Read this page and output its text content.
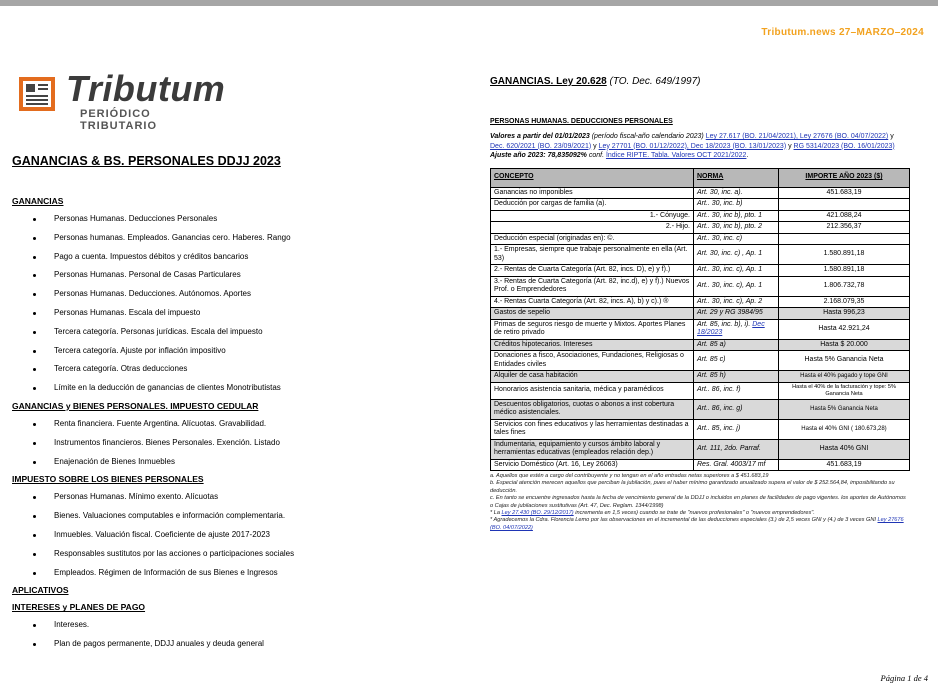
Tributum.news 27–MARZO–2024
Tributum
PERIÓDICO TRIBUTARIO
GANANCIAS & BS. PERSONALES DDJJ 2023
GANANCIAS
Personas Humanas. Deducciones Personales
Personas humanas. Empleados. Ganancias cero. Haberes. Rango
Pago a cuenta. Impuestos débitos y créditos bancarios
Personas Humanas. Personal de Casas Particulares
Personas Humanas. Deducciones. Autónomos. Aportes
Personas Humanas. Escala del impuesto
Tercera categoría. Personas jurídicas. Escala del impuesto
Tercera categoría. Ajuste por inflación impositivo
Tercera categoría. Otras deducciones
Límite en la deducción de ganancias de clientes Monotributistas
GANANCIAS y BIENES PERSONALES. IMPUESTO CEDULAR
Renta financiera. Fuente Argentina. Alícuotas. Gravabilidad.
Instrumentos financieros. Bienes Personales. Exención. Listado
Enajenación de Bienes Inmuebles
IMPUESTO SOBRE LOS BIENES PERSONALES
Personas Humanas. Mínimo exento. Alícuotas
Bienes. Valuaciones computables e información complementaria.
Inmuebles. Valuación fiscal. Coeficiente de ajuste 2017-2023
Responsables sustitutos por las acciones o participaciones sociales
Empleados. Régimen de Información de sus Bienes e Ingresos
APLICATIVOS
INTERESES y PLANES DE PAGO
Intereses.
Plan de pagos permanente, DDJJ anuales y deuda general
GANANCIAS. Ley 20.628 (TO. Dec. 649/1997)
PERSONAS HUMANAS. DEDUCCIONES PERSONALES
Valores a partir del 01/01/2023 (período fiscal-año calendario 2023) Ley 27.617 (BO. 21/04/2021), Ley 27676 (BO. 04/07/2022) y Dec. 620/2021 (BO. 23/09/2021) y Ley 27701 (BO. 01/12/2022), Dec 18/2023 (BO. 13/01/2023) y RG 5314/2023 (BO. 16/01/2023) Ajuste año 2023: 78,835092% conf. Índice RIPTE. Tabla. Valores OCT 2021/2022.
CONCEPTO	NORMA	IMPORTE AÑO 2023 ($)
Ganancias no imponibles	Art. 30, inc. a).	451.683,19
Deducción por cargas de familia (a).	Art.. 30, inc. b)	
1.- Cónyuge.	Art.. 30, inc b), pto. 1	421.088,24
2.- Hijo.	Art.. 30, inc b), pto. 2	212.356,37
Deducción especial (originadas en): ©.	Art.. 30, inc. c)	
1.- Empresas, siempre que trabaje personalmente en ella (Art. 53)	Art. 30, inc. c) , Ap. 1	1.580.891,18
2.- Rentas de Cuarta Categoría (Art. 82, incs. D), e) y f).)	Art.. 30, inc. c), Ap. 1	1.580.891,18
3.- Rentas de Cuarta Categoría (Art. 82, inc.d), e) y f).) Nuevos Prof. o Emprendedores	Art.. 30, inc. c), Ap. 1	1.806.732,78
4.- Rentas Cuarta Categoría (Art. 82, incs. A), b) y c).) ®	Art.. 30, inc. c), Ap. 2	2.168.079,35
Gastos de sepelio	Art. 29 y RG 3984/95	Hasta 996,23
Primas de seguros riesgo de muerte y Mixtos. Aportes Planes de retiro privado	Art. 85, inc. b), i). Dec 18/2023	Hasta 42.921,24
Créditos hipotecarios. Intereses	Art. 85 a)	Hasta $ 20.000
Donaciones a fisco, Asociaciones, Fundaciones, Religiosas o Entidades civiles	Art. 85 c)	Hasta 5% Ganancia Neta
Alquiler de casa habitación	Art. 85 h)	Hasta el 40% pagado y tope GNI
Honorarios asistencia sanitaria, médica y paramédicos	Art.. 86, inc. f)	Hasta el 40% de la facturación y tope: 5% Ganancia Neta
Descuentos obligatorios, cuotas o abonos a inst cobertura médico asistenciales.	Art.. 86, inc. g)	Hasta 5% Ganancia Neta
Servicios con fines educativos y las herramientas destinadas a tales fines	Art.. 85, inc. j)	Hasta el 40% GNI ( 180.673,28)
Indumentaria, equipamiento y cursos ámbito laboral y herramientas educativas (empleados relación dep.)	Art. 111, 2do. Parraf.	Hasta 40% GNI
Servicio Doméstico (Art. 16, Ley 26063)	Res. Gral. 4003/17 mf	451.683,19
a. Aquellos que estén a cargo del contribuyente y no tengan en el año entradas netas superiores a $ 451.683,19
b. Especial atención merecen aquellos que perciban la jubilación, pues el haber mínimo garantizado anualizado supera el valor de $ 252.564,84, imposibilitando su deducción.
c. En tanto se encuentre ingresados hasta la fecha de vencimiento general de la DDJJ o incluidos en planes de facilidades de pago vigentes. los aportes de Autónomos o Cajas de jubilaciones sustitutivas (Art. 47, Dec. Reglam. 1344/1998)
* La Ley 27.430 (BO. 29/12/2017) incrementa en 1,5 veces) cuando se trate de "nuevos profesionales" o "nuevos emprendedores".
* Agradecemos la Cdra. Florencia Lemo por las observaciones en el incremental de las deducciones especiales (3.) de 2,5 veces GNI y (4.) de 3 veces GNI Ley 27676 (BO. 04/07/2022)
Página 1 de 4
